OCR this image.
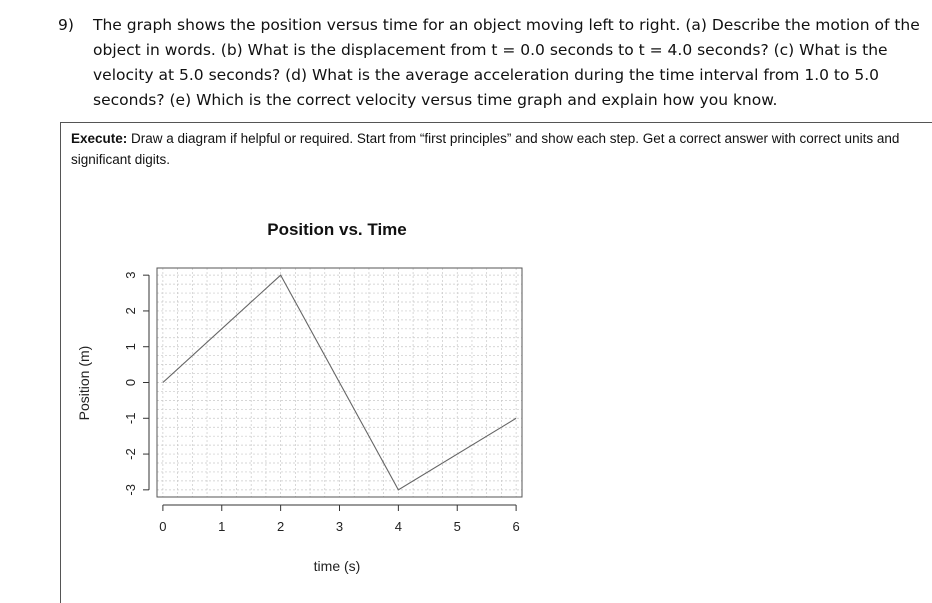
9) The graph shows the position versus time for an object moving left to right. (a) Describe the motion of the object in words. (b) What is the displacement from t = 0.0 seconds to t = 4.0 seconds? (c) What is the velocity at 5.0 seconds? (d) What is the average acceleration during the time interval from 1.0 to 5.0 seconds? (e) Which is the correct velocity versus time graph and explain how you know.
Execute: Draw a diagram if helpful or required. Start from “first principles” and show each step. Get a correct answer with correct units and significant digits.
Position vs. Time
0	1	2	3	4	5	6
-3
-2
-1
0
1
2
3
time (s)
Position (m)
